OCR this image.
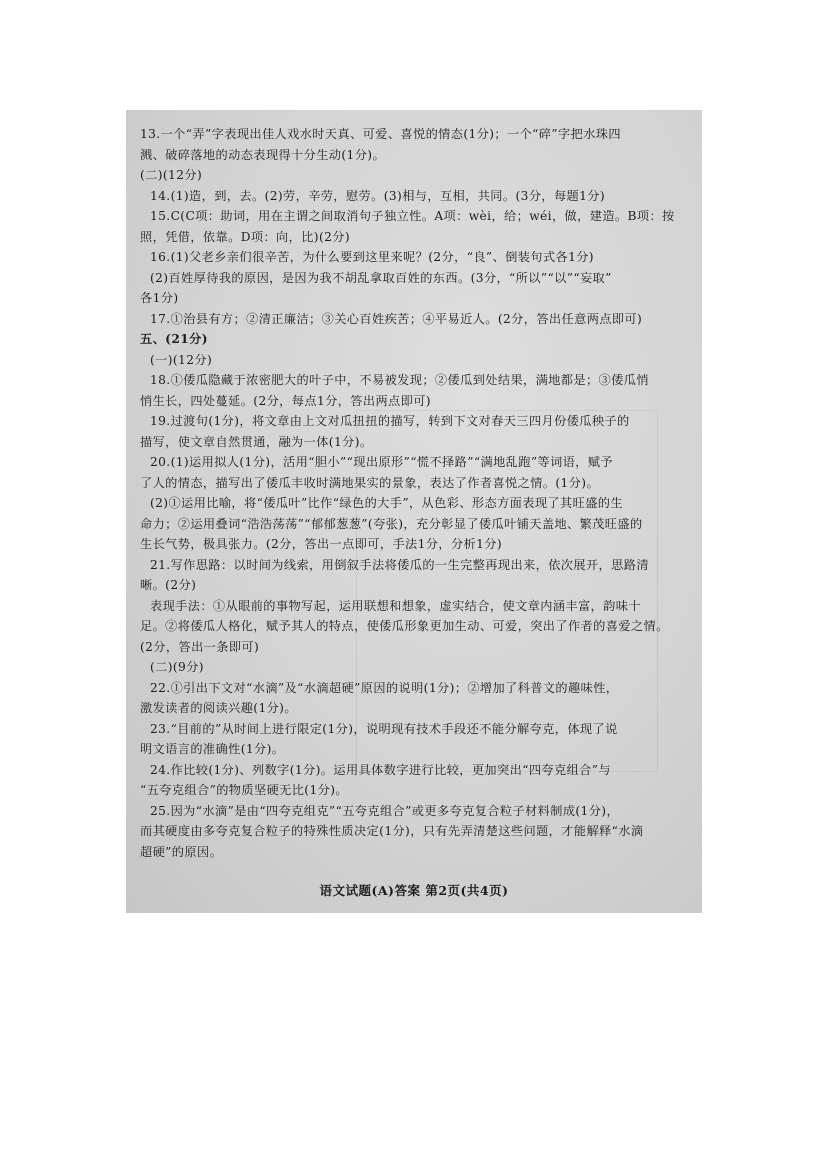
13.一个“弄”字表现出佳人戏水时天真、可爱、喜悦的情态(1分)；一个“碎”字把水珠四
溅、破碎落地的动态表现得十分生动(1分)。
(二)(12分)
14.(1)造，到，去。(2)劳，辛劳，慰劳。(3)相与，互相，共同。(3分，每题1分)
15.C(C项：助词，用在主谓之间取消句子独立性。A项：wèi，给；wéi，做，建造。B项：按
照，凭借，依靠。D项：向，比)(2分)
16.(1)父老乡亲们很辛苦，为什么要到这里来呢？(2分，“良”、倒装句式各1分)
(2)百姓厚待我的原因，是因为我不胡乱拿取百姓的东西。(3分，“所以”“以”“妄取”
各1分)
17.①治县有方；②清正廉洁；③关心百姓疾苦；④平易近人。(2分，答出任意两点即可)
五、(21分)
(一)(12分)
18.①倭瓜隐藏于浓密肥大的叶子中，不易被发现；②倭瓜到处结果，满地都是；③倭瓜悄
悄生长，四处蔓延。(2分，每点1分，答出两点即可)
19.过渡句(1分)，将文章由上文对瓜扭扭的描写，转到下文对春天三四月份倭瓜秧子的
描写，使文章自然贯通，融为一体(1分)。
20.(1)运用拟人(1分)，活用“胆小”“现出原形”“慌不择路”“满地乱跑”等词语，赋予
了人的情态，描写出了倭瓜丰收时满地果实的景象，表达了作者喜悦之情。(1分)。
(2)①运用比喻，将“倭瓜叶”比作“绿色的大手”，从色彩、形态方面表现了其旺盛的生
命力；②运用叠词“浩浩荡荡”“郁郁葱葱”(夸张)，充分彰显了倭瓜叶铺天盖地、繁茂旺盛的
生长气势，极具张力。(2分，答出一点即可，手法1分，分析1分)
21.写作思路：以时间为线索，用倒叙手法将倭瓜的一生完整再现出来，依次展开，思路清
晰。(2分)
表现手法：①从眼前的事物写起，运用联想和想象，虚实结合，使文章内涵丰富，韵味十
足。②将倭瓜人格化，赋予其人的特点，使倭瓜形象更加生动、可爱，突出了作者的喜爱之情。
(2分，答出一条即可)
(二)(9分)
22.①引出下文对“水滴”及“水滴超硬”原因的说明(1分)；②增加了科普文的趣味性，
激发读者的阅读兴趣(1分)。
23.“目前的”从时间上进行限定(1分)，说明现有技术手段还不能分解夸克，体现了说
明文语言的准确性(1分)。
24.作比较(1分)、列数字(1分)。运用具体数字进行比较，更加突出“四夸克组合”与
“五夸克组合”的物质坚硬无比(1分)。
25.因为“水滴”是由“四夸克组克”“五夸克组合”或更多夸克复合粒子材料制成(1分)，
而其硬度由多夸克复合粒子的特殊性质决定(1分)，只有先弄清楚这些问题，才能解释“水滴
超硬”的原因。
语文试题(A)答案 第2页(共4页)
